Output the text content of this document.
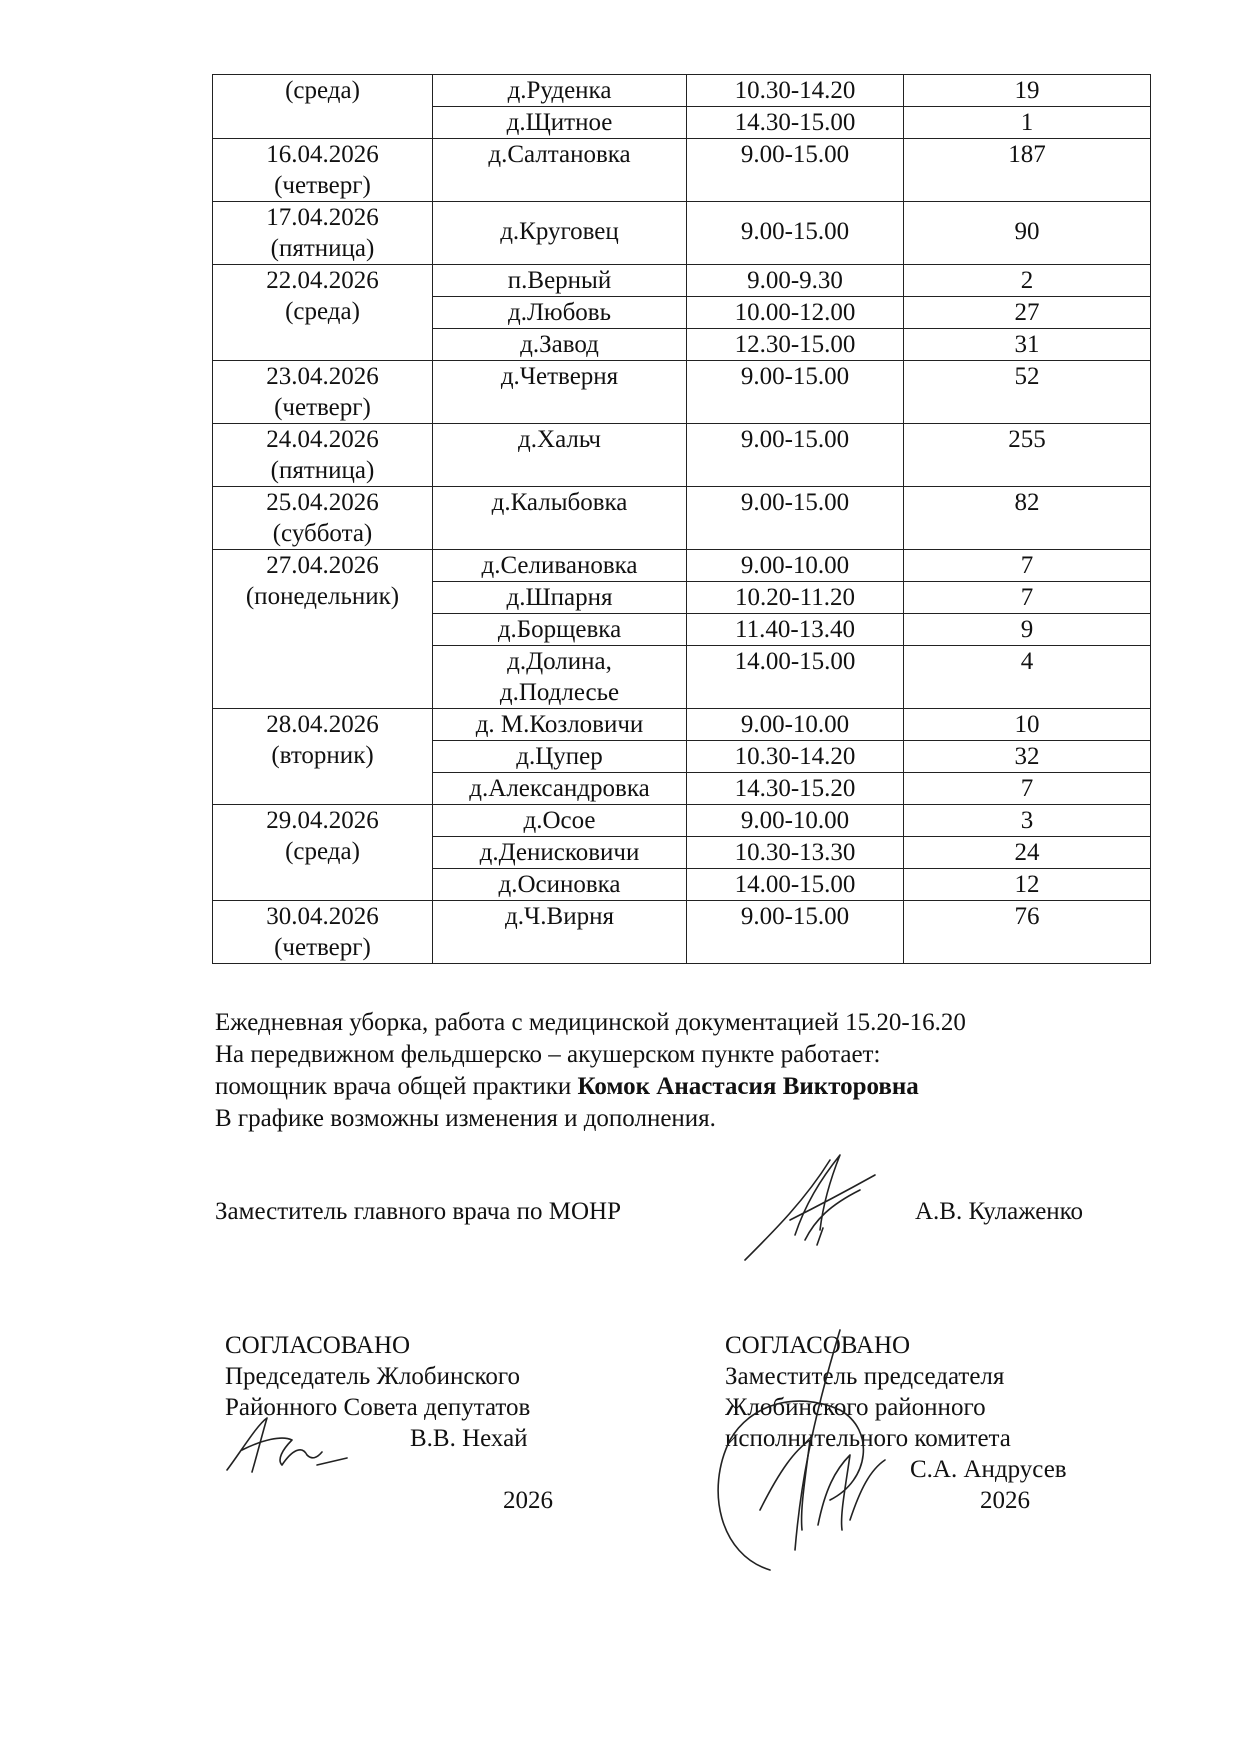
(среда)	д.Руденка	10.30-14.20	19

	д.Щитное	14.30-15.00	1

16.04.2026
(четверг)	д.Салтановка	9.00-15.00	187

17.04.2026
(пятница)	д.Круговец	9.00-15.00	90

22.04.2026
(среда)	п.Верный	9.00-9.30	2

	д.Любовь	10.00-12.00	27

	д.Завод	12.30-15.00	31

23.04.2026
(четверг)	д.Четверня	9.00-15.00	52

24.04.2026
(пятница)	д.Хальч	9.00-15.00	255

25.04.2026
(суббота)	д.Калыбовка	9.00-15.00	82

27.04.2026
(понедельник)	д.Селивановка	9.00-10.00	7

	д.Шпарня	10.20-11.20	7

	д.Борщевка	11.40-13.40	9

	д.Долина,
д.Подлесье	14.00-15.00	4

28.04.2026
(вторник)	д. М.Козловичи	9.00-10.00	10

	д.Цупер	10.30-14.20	32

	д.Александровка	14.30-15.20	7

29.04.2026
(среда)	д.Осое	9.00-10.00	3

	д.Денисковичи	10.30-13.30	24

	д.Осиновка	14.00-15.00	12

30.04.2026
(четверг)	д.Ч.Вирня	9.00-15.00	76
Ежедневная уборка, работа с медицинской документацией 15.20-16.20
На передвижном фельдшерско – акушерском пункте работает:
помощник врача общей практики Комок Анастасия Викторовна
В графике возможны изменения и дополнения.
Заместитель главного врача по МОНР	А.В. Кулаженко
СОГЛАСОВАНО
Председатель Жлобинского
Районного Совета депутатов
В.В. Нехай
2026
СОГЛАСОВАНО
Заместитель председателя
Жлобинского районного
исполнительного комитета
С.А. Андрусев
2026
